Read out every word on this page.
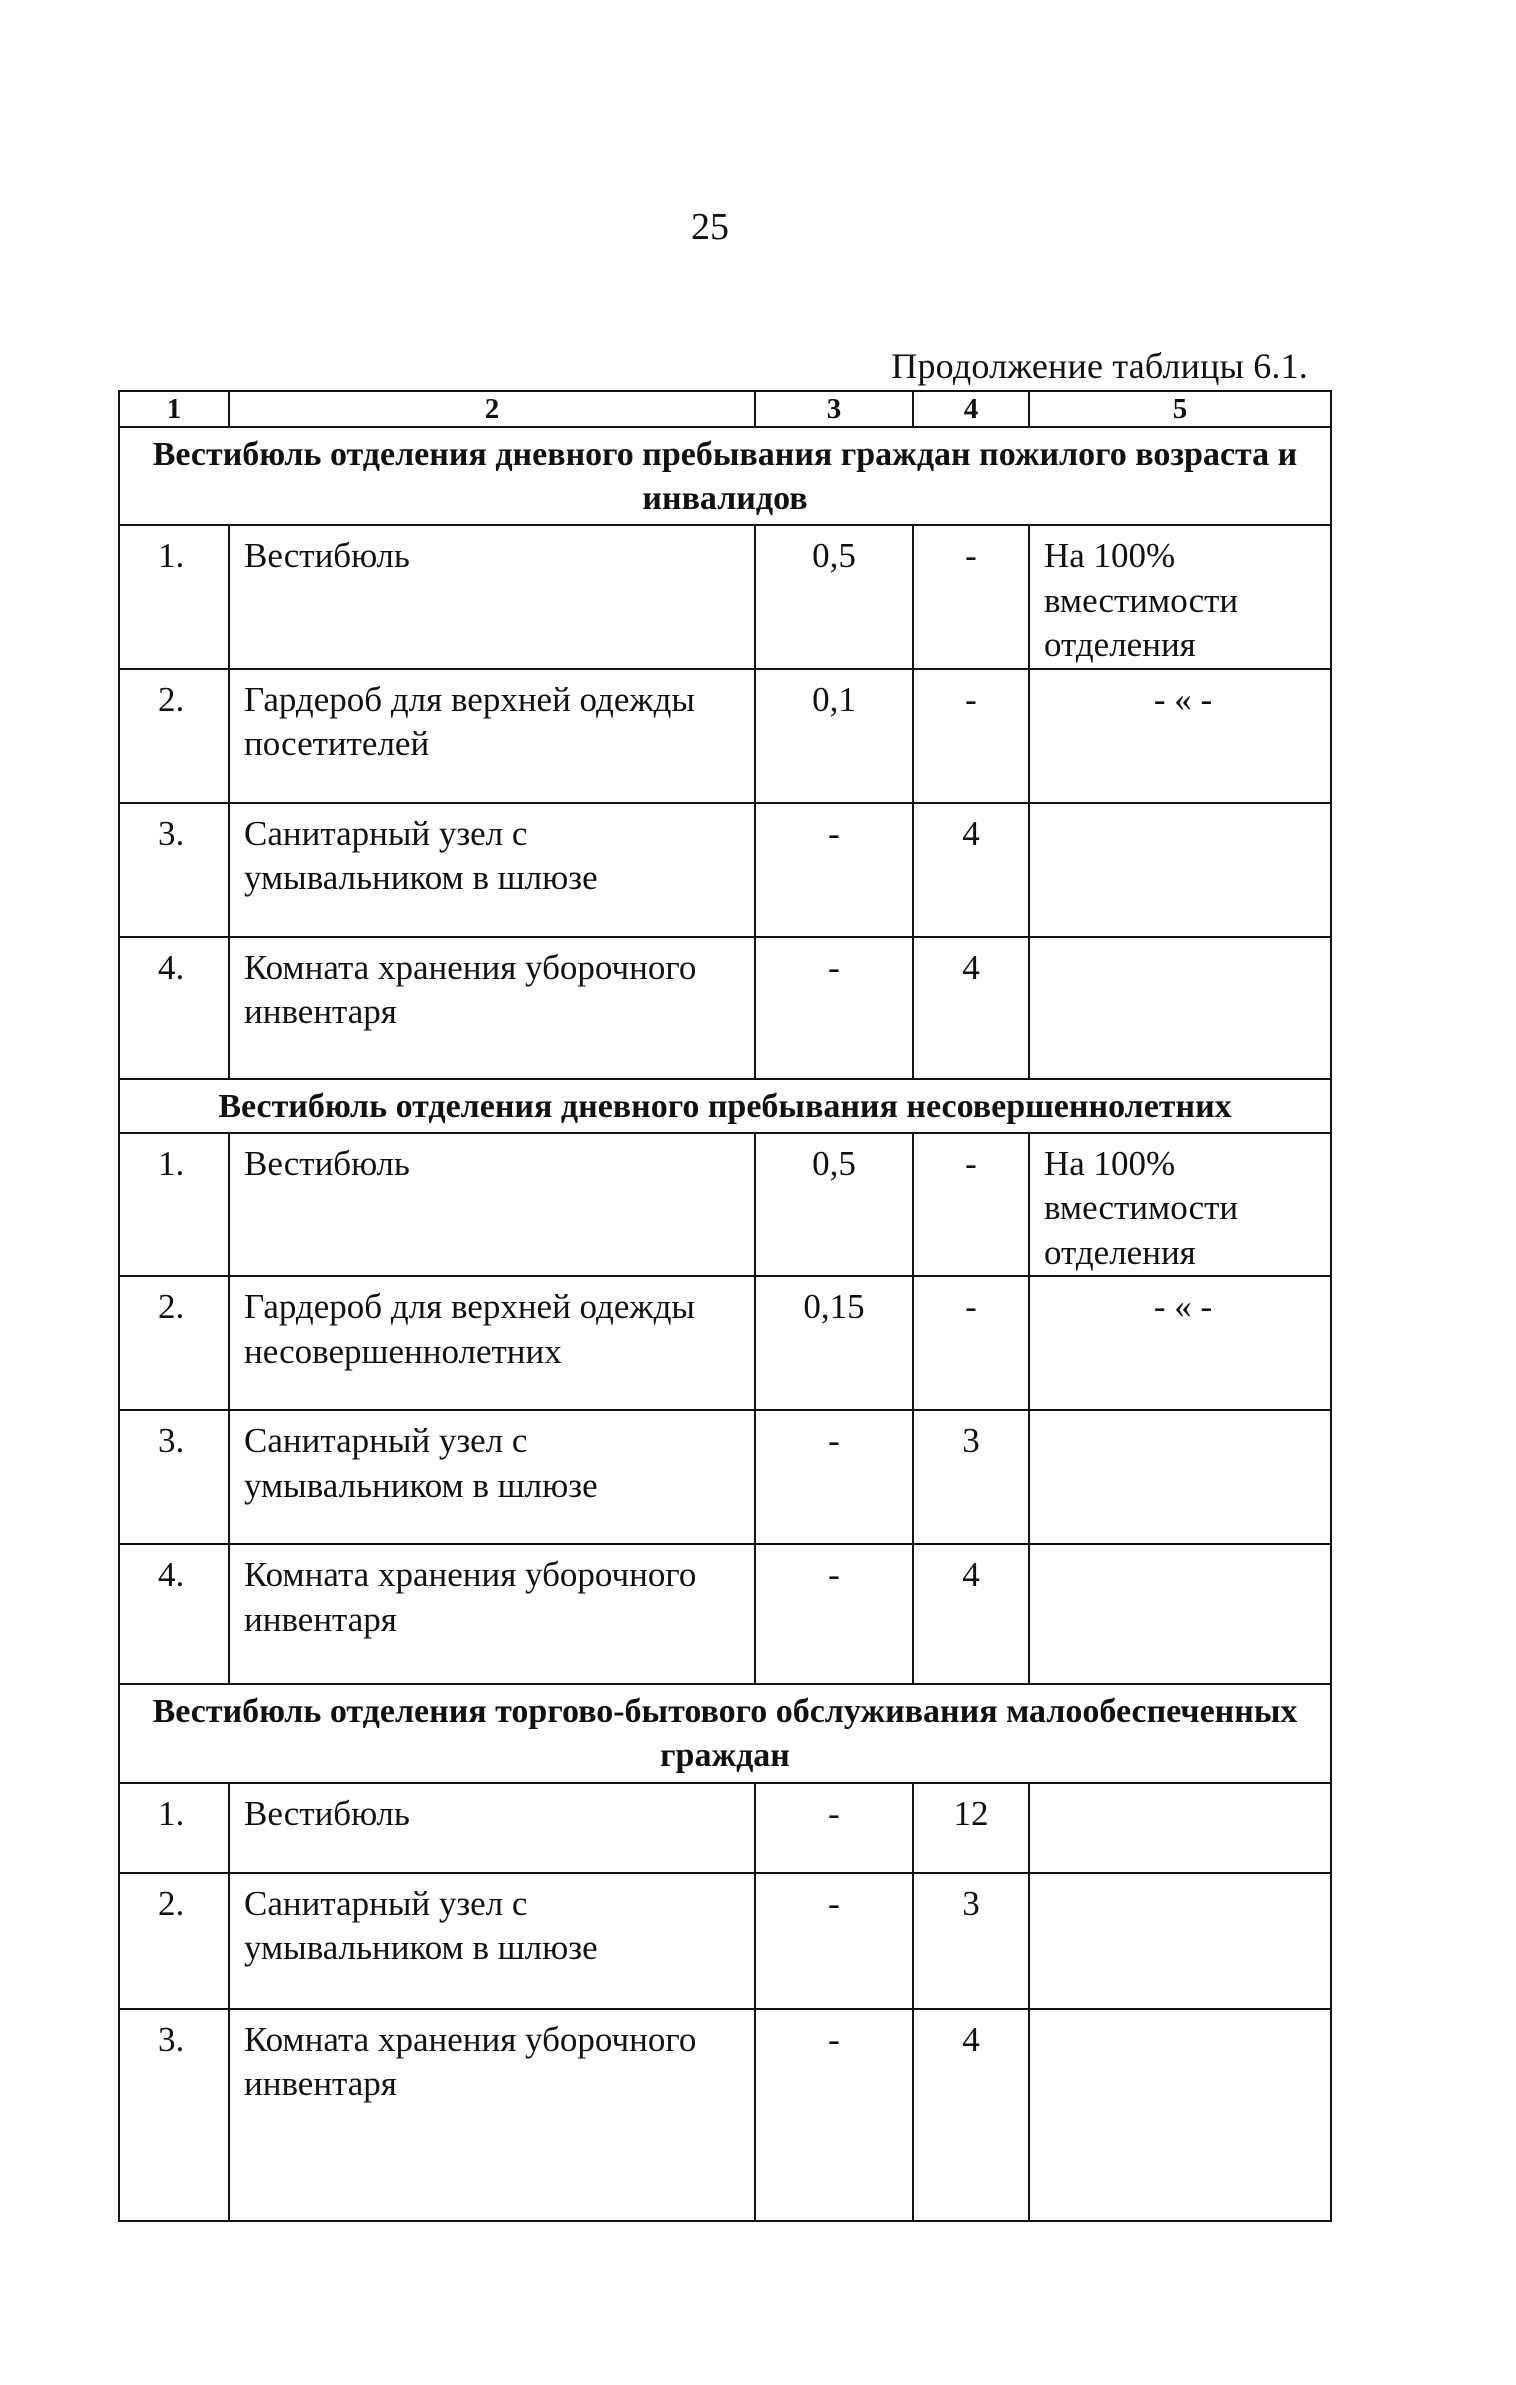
25
Продолжение таблицы 6.1.
1	2	3	4	5
Вестибюль отделения дневного пребывания граждан пожилого возраста и инвалидов				
1.	Вестибюль	0,5	-	На 100% вместимости отделения
2.	Гардероб для верхней одежды посетителей	0,1	-	- « -
3.	Санитарный узел с умывальником в шлюзе	-	4	
4.	Комната хранения уборочного инвентаря	-	4	
Вестибюль отделения дневного пребывания несовершеннолетних				
1.	Вестибюль	0,5	-	На 100% вместимости отделения
2.	Гардероб для верхней одежды несовершеннолетних	0,15	-	- « -
3.	Санитарный узел с умывальником в шлюзе	-	3	
4.	Комната хранения уборочного инвентаря	-	4	
Вестибюль отделения торгово-бытового обслуживания малообеспеченных граждан				
1.	Вестибюль	-	12	
2.	Санитарный узел с умывальником в шлюзе	-	3	
3.	Комната хранения уборочного инвентаря	-	4	
